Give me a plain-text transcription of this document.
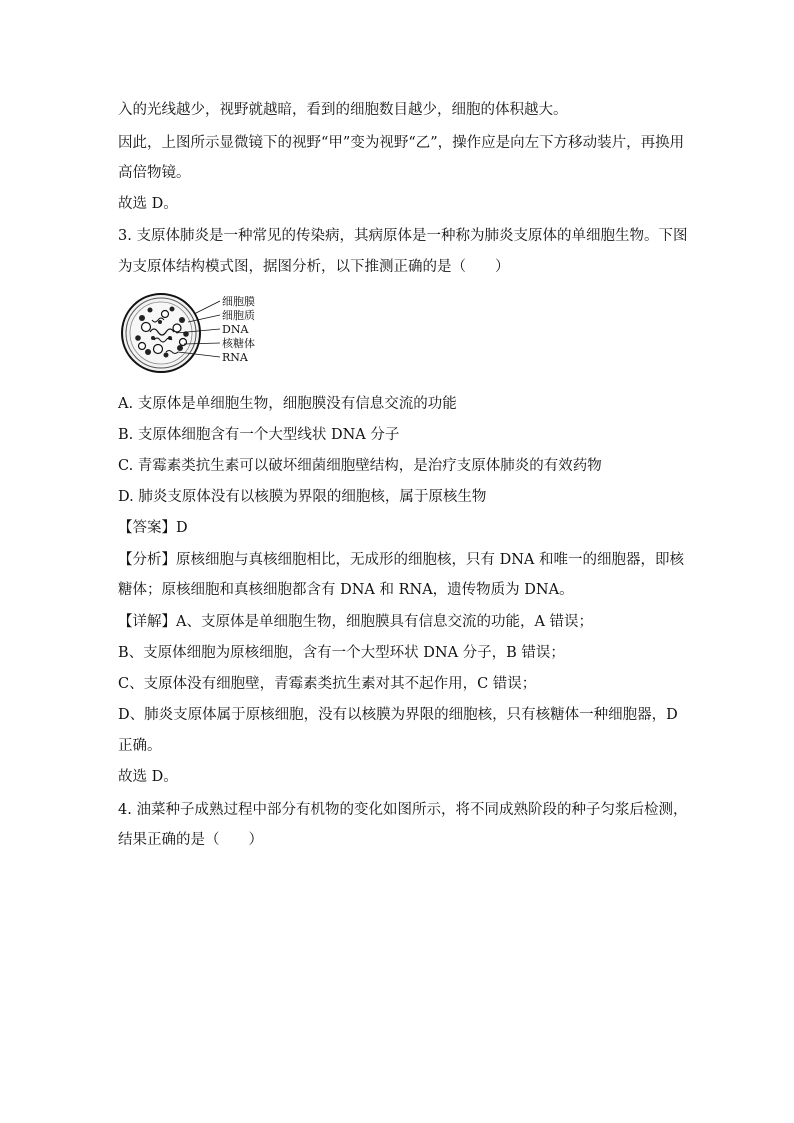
入的光线越少，视野就越暗，看到的细胞数目越少，细胞的体积越大。
因此，上图所示显微镜下的视野“甲”变为视野“乙”，操作应是向左下方移动装片，再换用
高倍物镜。
故选 D。
3. 支原体肺炎是一种常见的传染病，其病原体是一种称为肺炎支原体的单细胞生物。下图
为支原体结构模式图，据图分析，以下推测正确的是（　　）
细胞膜
细胞质
DNA
核糖体
RNA
A. 支原体是单细胞生物，细胞膜没有信息交流的功能
B. 支原体细胞含有一个大型线状 DNA 分子
C. 青霉素类抗生素可以破坏细菌细胞壁结构，是治疗支原体肺炎的有效药物
D. 肺炎支原体没有以核膜为界限的细胞核，属于原核生物
【答案】D
【分析】原核细胞与真核细胞相比，无成形的细胞核，只有 DNA 和唯一的细胞器，即核
糖体；原核细胞和真核细胞都含有 DNA 和 RNA，遗传物质为 DNA。
【详解】A、支原体是单细胞生物，细胞膜具有信息交流的功能，A 错误；
B、支原体细胞为原核细胞，含有一个大型环状 DNA 分子，B 错误；
C、支原体没有细胞壁，青霉素类抗生素对其不起作用，C 错误；
D、肺炎支原体属于原核细胞，没有以核膜为界限的细胞核，只有核糖体一种细胞器，D
正确。
故选 D。
4. 油菜种子成熟过程中部分有机物的变化如图所示，将不同成熟阶段的种子匀浆后检测，
结果正确的是（　　）
